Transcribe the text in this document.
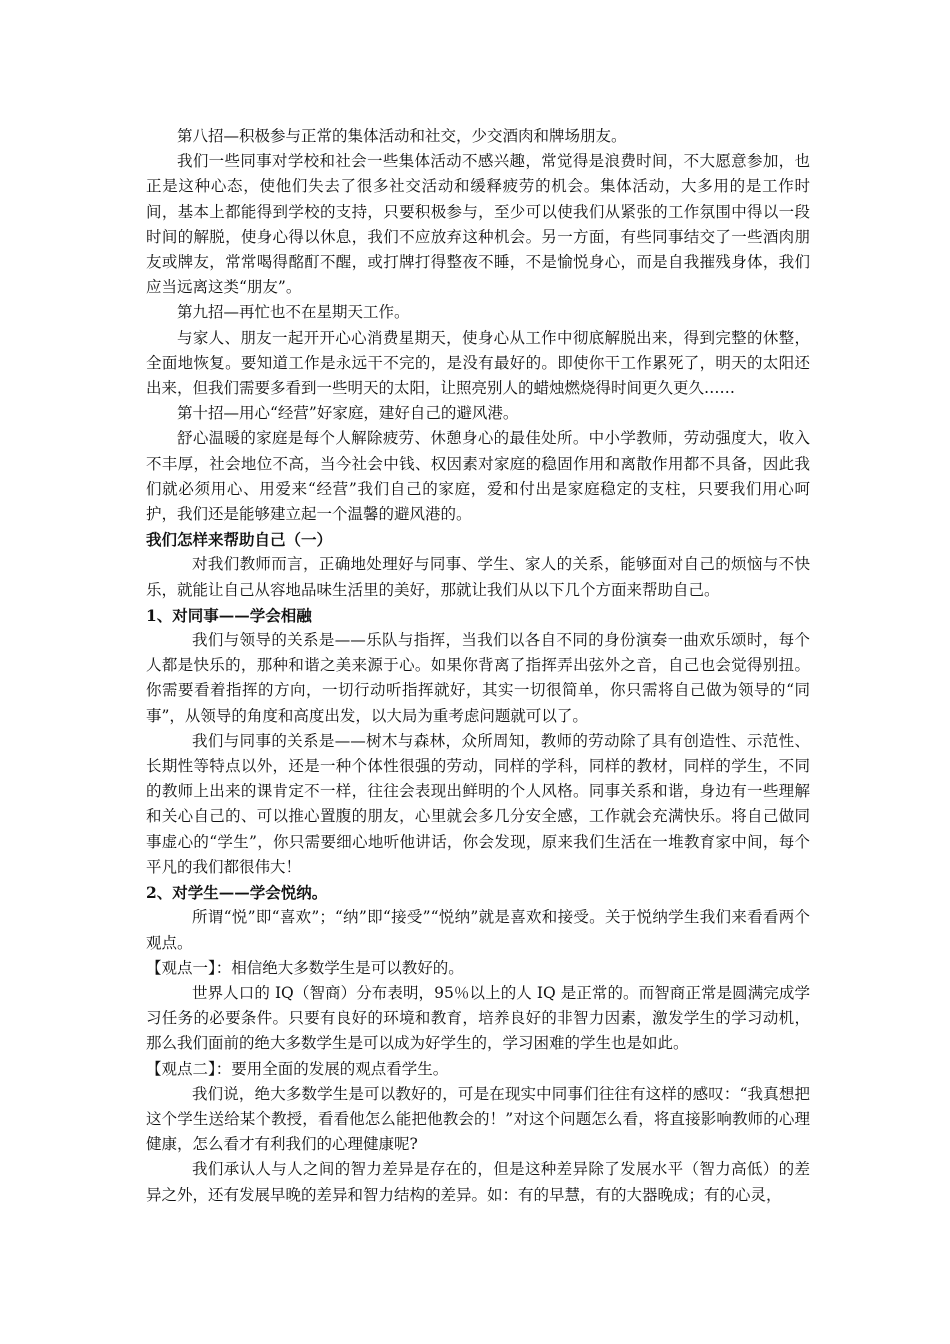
第八招—积极参与正常的集体活动和社交，少交酒肉和牌场朋友。

我们一些同事对学校和社会一些集体活动不感兴趣，常觉得是浪费时间，不大愿意参加，也正是这种心态，使他们失去了很多社交活动和缓释疲劳的机会。集体活动，大多用的是工作时间，基本上都能得到学校的支持，只要积极参与，至少可以使我们从紧张的工作氛围中得以一段时间的解脱，使身心得以休息，我们不应放弃这种机会。另一方面，有些同事结交了一些酒肉朋友或牌友，常常喝得酩酊不醒，或打牌打得整夜不睡，不是愉悦身心，而是自我摧残身体，我们应当远离这类“朋友”。

第九招—再忙也不在星期天工作。

与家人、朋友一起开开心心消费星期天，使身心从工作中彻底解脱出来，得到完整的休整，全面地恢复。要知道工作是永远干不完的，是没有最好的。即使你干工作累死了，明天的太阳还出来，但我们需要多看到一些明天的太阳，让照亮别人的蜡烛燃烧得时间更久更久……

第十招—用心“经营”好家庭，建好自己的避风港。

舒心温暖的家庭是每个人解除疲劳、休憩身心的最佳处所。中小学教师，劳动强度大，收入不丰厚，社会地位不高，当今社会中钱、权因素对家庭的稳固作用和离散作用都不具备，因此我们就必须用心、用爱来“经营”我们自己的家庭，爱和付出是家庭稳定的支柱，只要我们用心呵护，我们还是能够建立起一个温馨的避风港的。

我们怎样来帮助自己（一）

对我们教师而言，正确地处理好与同事、学生、家人的关系，能够面对自己的烦恼与不快乐，就能让自己从容地品味生活里的美好，那就让我们从以下几个方面来帮助自己。

1、对同事——学会相融

我们与领导的关系是——乐队与指挥，当我们以各自不同的身份演奏一曲欢乐颂时，每个人都是快乐的，那种和谐之美来源于心。如果你背离了指挥弄出弦外之音，自己也会觉得别扭。你需要看着指挥的方向，一切行动听指挥就好，其实一切很简单，你只需将自己做为领导的“同事”，从领导的角度和高度出发，以大局为重考虑问题就可以了。

我们与同事的关系是——树木与森林，众所周知，教师的劳动除了具有创造性、示范性、长期性等特点以外，还是一种个体性很强的劳动，同样的学科，同样的教材，同样的学生，不同的教师上出来的课肯定不一样，往往会表现出鲜明的个人风格。同事关系和谐，身边有一些理解和关心自己的、可以推心置腹的朋友，心里就会多几分安全感，工作就会充满快乐。将自己做同事虚心的“学生”，你只需要细心地听他讲话，你会发现，原来我们生活在一堆教育家中间，每个平凡的我们都很伟大！

2、对学生——学会悦纳。

所谓“悦”即“喜欢”；“纳”即“接受”“悦纳”就是喜欢和接受。关于悦纳学生我们来看看两个观点。

【观点一】：相信绝大多数学生是可以教好的。

世界人口的 IQ（智商）分布表明，95％以上的人 IQ 是正常的。而智商正常是圆满完成学习任务的必要条件。只要有良好的环境和教育，培养良好的非智力因素，激发学生的学习动机，那么我们面前的绝大多数学生是可以成为好学生的，学习困难的学生也是如此。

【观点二】：要用全面的发展的观点看学生。

我们说，绝大多数学生是可以教好的，可是在现实中同事们往往有这样的感叹：“我真想把这个学生送给某个教授，看看他怎么能把他教会的！”对这个问题怎么看，将直接影响教师的心理健康，怎么看才有利我们的心理健康呢?

我们承认人与人之间的智力差异是存在的，但是这种差异除了发展水平（智力高低）的差异之外，还有发展早晚的差异和智力结构的差异。如：有的早慧，有的大器晚成；有的心灵，
